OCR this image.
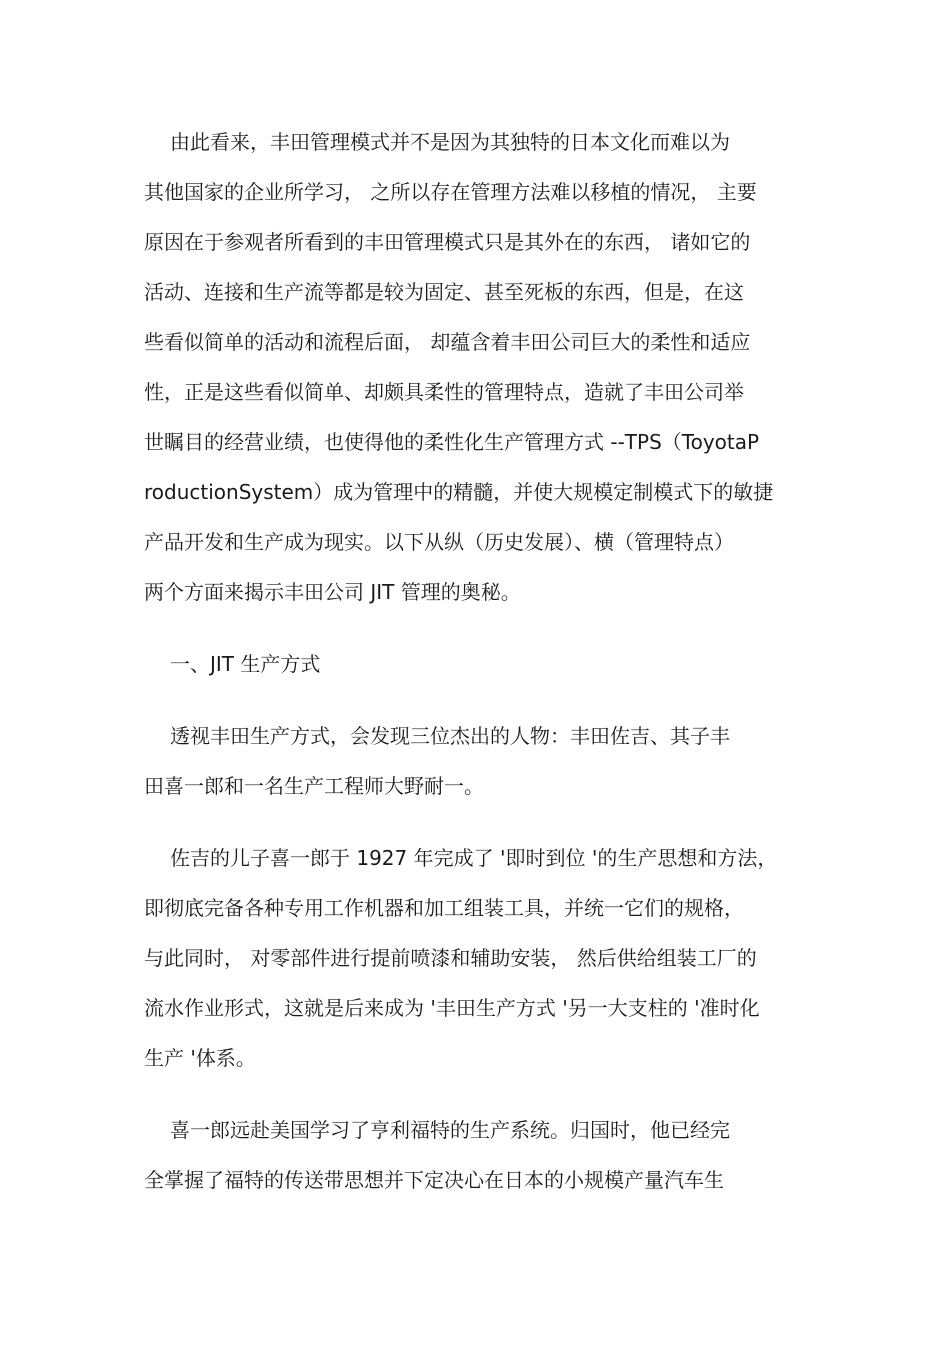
由此看来，丰田管理模式并不是因为其独特的日本文化而难以为
其他国家的企业所学习， 之所以存在管理方法难以移植的情况， 主要
原因在于参观者所看到的丰田管理模式只是其外在的东西， 诸如它的
活动、连接和生产流等都是较为固定、甚至死板的东西，但是，在这
些看似简单的活动和流程后面， 却蕴含着丰田公司巨大的柔性和适应
性，正是这些看似简单、却颇具柔性的管理特点，造就了丰田公司举
世瞩目的经营业绩，也使得他的柔性化生产管理方式 --TPS（ToyotaP
roductionSystem）成为管理中的精髓，并使大规模定制模式下的敏捷
产品开发和生产成为现实。以下从纵（历史发展）、横（管理特点）
两个方面来揭示丰田公司 JIT 管理的奥秘。
一、JIT 生产方式
透视丰田生产方式，会发现三位杰出的人物：丰田佐吉、其子丰
田喜一郎和一名生产工程师大野耐一。
佐吉的儿子喜一郎于 1927 年完成了 '即时到位 '的生产思想和方法，
即彻底完备各种专用工作机器和加工组装工具，并统一它们的规格，
与此同时， 对零部件进行提前喷漆和辅助安装， 然后供给组装工厂的
流水作业形式，这就是后来成为 '丰田生产方式 '另一大支柱的 '准时化
生产 '体系。
喜一郎远赴美国学习了亨利福特的生产系统。归国时，他已经完
全掌握了福特的传送带思想并下定决心在日本的小规模产量汽车生
